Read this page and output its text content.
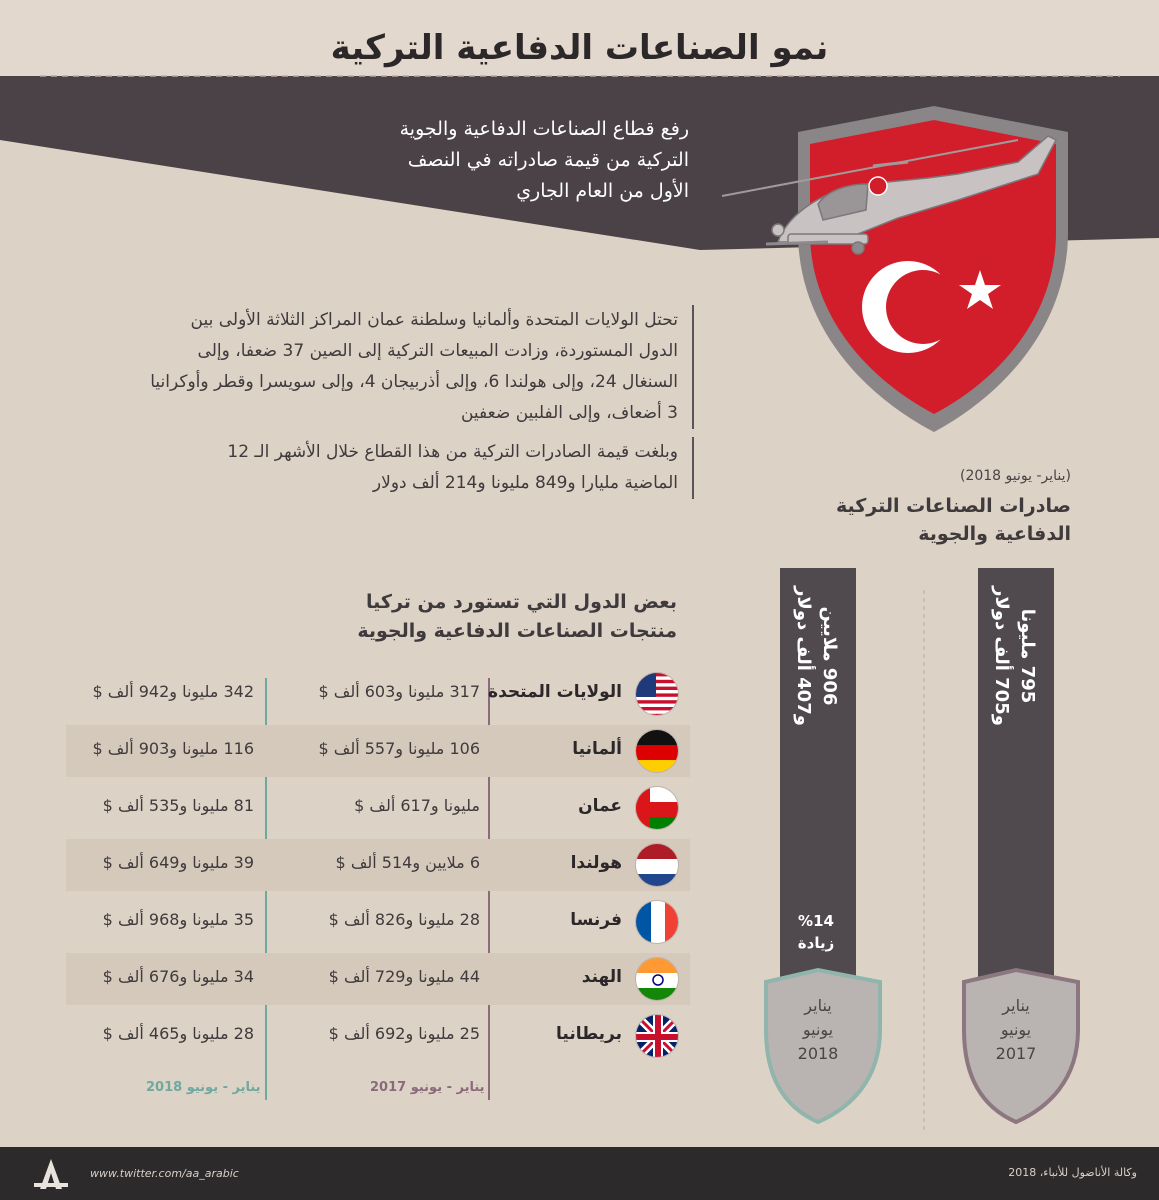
نمو الصناعات الدفاعية التركية
رفع قطاع الصناعات الدفاعية والجوية
التركية من قيمة صادراته في النصف
الأول من العام الجاري
تحتل الولايات المتحدة وألمانيا وسلطنة عمان المراكز الثلاثة الأولى بين
الدول المستوردة، وزادت المبيعات التركية إلى الصين 37 ضعفا، وإلى
السنغال 24، وإلى هولندا 6، وإلى أذربيجان 4، وإلى سويسرا وقطر وأوكرانيا
3 أضعاف، وإلى الفلبين ضعفين
وبلغت قيمة الصادرات التركية من هذا القطاع خلال الأشهر الـ 12
الماضية مليارا و849 مليونا و214 ألف دولار	(يناير- يونيو 2018)
صادرات الصناعات التركية
الدفاعية والجوية
906 ملايين
و407 ألف دولار
795 مليونا
و705 ألف دولار
%14
زيادة
يناير
يونيو
2018
يناير
يونيو
2017
بعض الدول التي تستورد من تركيا
منتجات الصناعات الدفاعية والجوية
الولايات المتحدة
317 مليونا و603 ألف $
342 مليونا و942 ألف $
ألمانيا
106 مليونا و557 ألف $
116 مليونا و903 ألف $
عمان
مليونا و617 ألف $
81 مليونا و535 ألف $
هولندا
6 ملايين و514 ألف $
39 مليونا و649 ألف $
فرنسا
28 مليونا و826 ألف $
35 مليونا و968 ألف $
الهند
44 مليونا و729 ألف $
34 مليونا و676 ألف $
بريطانيا
25 مليونا و692 ألف $
28 مليونا و465 ألف $
يناير - يونيو 2017
يناير - يونيو 2018
www.twitter.com/aa_arabic	وكالة الأناضول للأنباء، 2018
